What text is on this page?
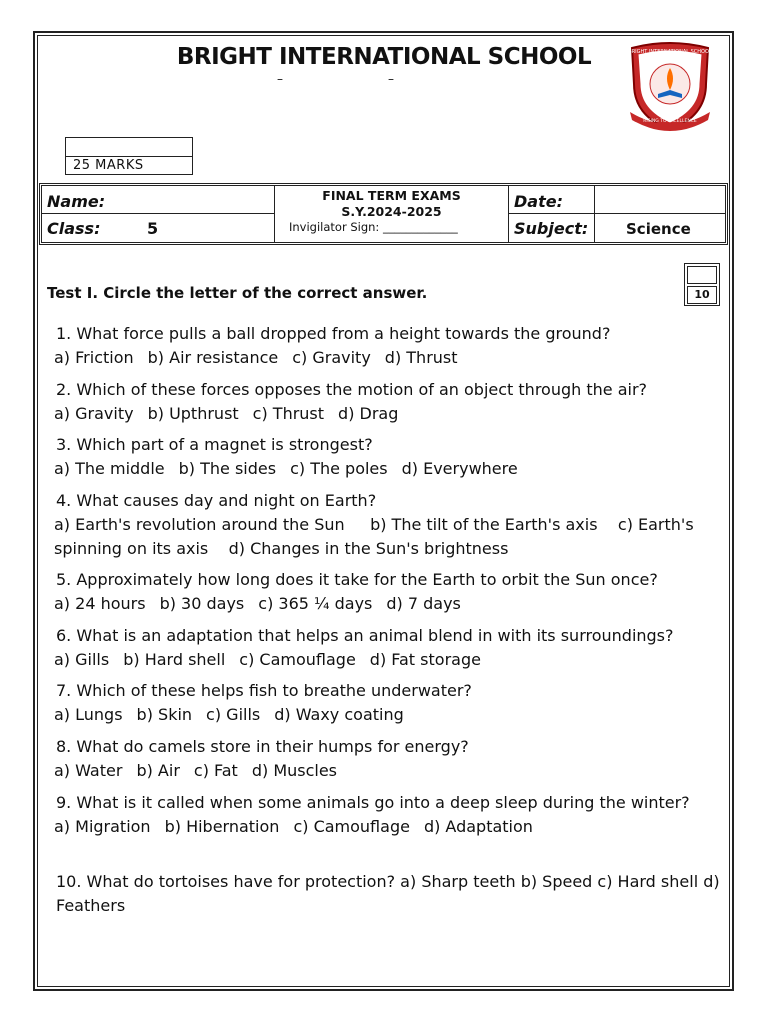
BRIGHT INTERNATIONAL SCHOOL
–	–
BRIGHT INTERNATIONAL SCHOOL
RISING TO EXCELLENCE
25 MARKS
Name:
Class:	5
FINAL TERM EXAMS
S.Y.2024-2025
Invigilator Sign: _____________
Date:
Subject:	Science
Test I. Circle the letter of the correct answer.	10
1. What force pulls a ball dropped from a height towards the ground?
a) Friction b) Air resistance c) Gravity d) Thrust
2. Which of these forces opposes the motion of an object through the air?
a) Gravity b) Upthrust c) Thrust d) Drag
3. Which part of a magnet is strongest?
a) The middle b) The sides c) The poles d) Everywhere
4. What causes day and night on Earth?
a) Earth's revolution around the Sun     b) The tilt of the Earth's axis    c) Earth's spinning on its axis    d) Changes in the Sun's brightness
5. Approximately how long does it take for the Earth to orbit the Sun once?
a) 24 hours b) 30 days c) 365 ¼ days d) 7 days
6. What is an adaptation that helps an animal blend in with its surroundings?
a) Gills b) Hard shell c) Camouflage d) Fat storage
7. Which of these helps fish to breathe underwater?
a) Lungs b) Skin c) Gills d) Waxy coating
8. What do camels store in their humps for energy?
a) Water b) Air c) Fat d) Muscles
9. What is it called when some animals go into a deep sleep during the winter?
a) Migration b) Hibernation c) Camouflage d) Adaptation
10. What do tortoises have for protection? a) Sharp teeth b) Speed c) Hard shell d) Feathers
